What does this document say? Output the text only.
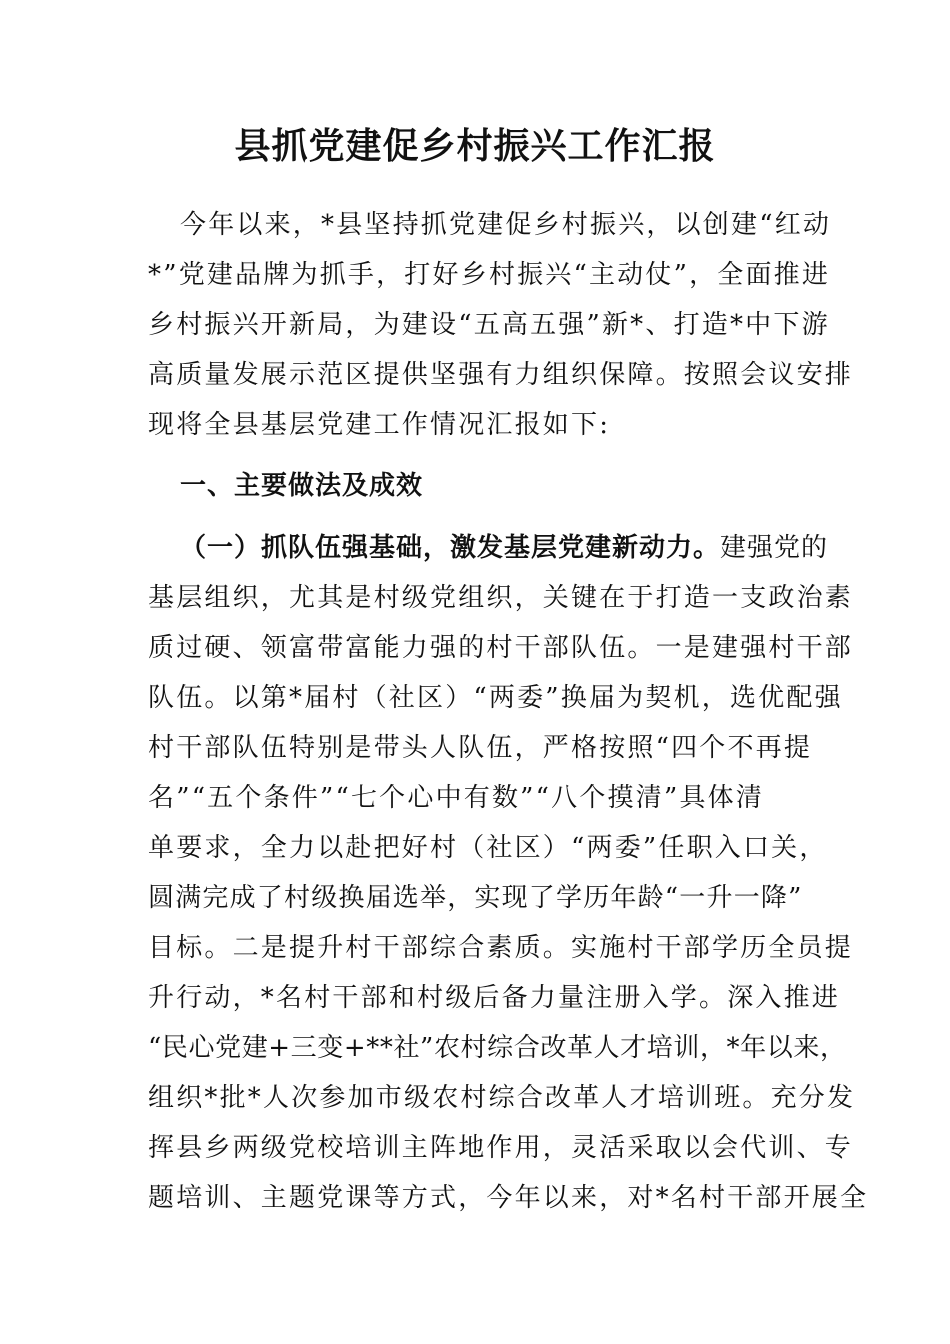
县抓党建促乡村振兴工作汇报
今年以来，*县坚持抓党建促乡村振兴，以创建“红动
*”党建品牌为抓手，打好乡村振兴“主动仗”，全面推进
乡村振兴开新局，为建设“五高五强”新*、打造*中下游
高质量发展示范区提供坚强有力组织保障。按照会议安排
现将全县基层党建工作情况汇报如下:
一、主要做法及成效
（一）抓队伍强基础，激发基层党建新动力。建强党的
基层组织，尤其是村级党组织，关键在于打造一支政治素
质过硬、领富带富能力强的村干部队伍。一是建强村干部
队伍。以第*届村（社区）“两委”换届为契机，选优配强
村干部队伍特别是带头人队伍，严格按照“四个不再提
名”“五个条件”“七个心中有数”“八个摸清”具体清
单要求，全力以赴把好村（社区）“两委”任职入口关，
圆满完成了村级换届选举，实现了学历年龄“一升一降”
目标。二是提升村干部综合素质。实施村干部学历全员提
升行动，*名村干部和村级后备力量注册入学。深入推进
“民心党建+三变+**社”农村综合改革人才培训，*年以来，
组织*批*人次参加市级农村综合改革人才培训班。充分发
挥县乡两级党校培训主阵地作用，灵活采取以会代训、专
题培训、主题党课等方式，今年以来，对*名村干部开展全
